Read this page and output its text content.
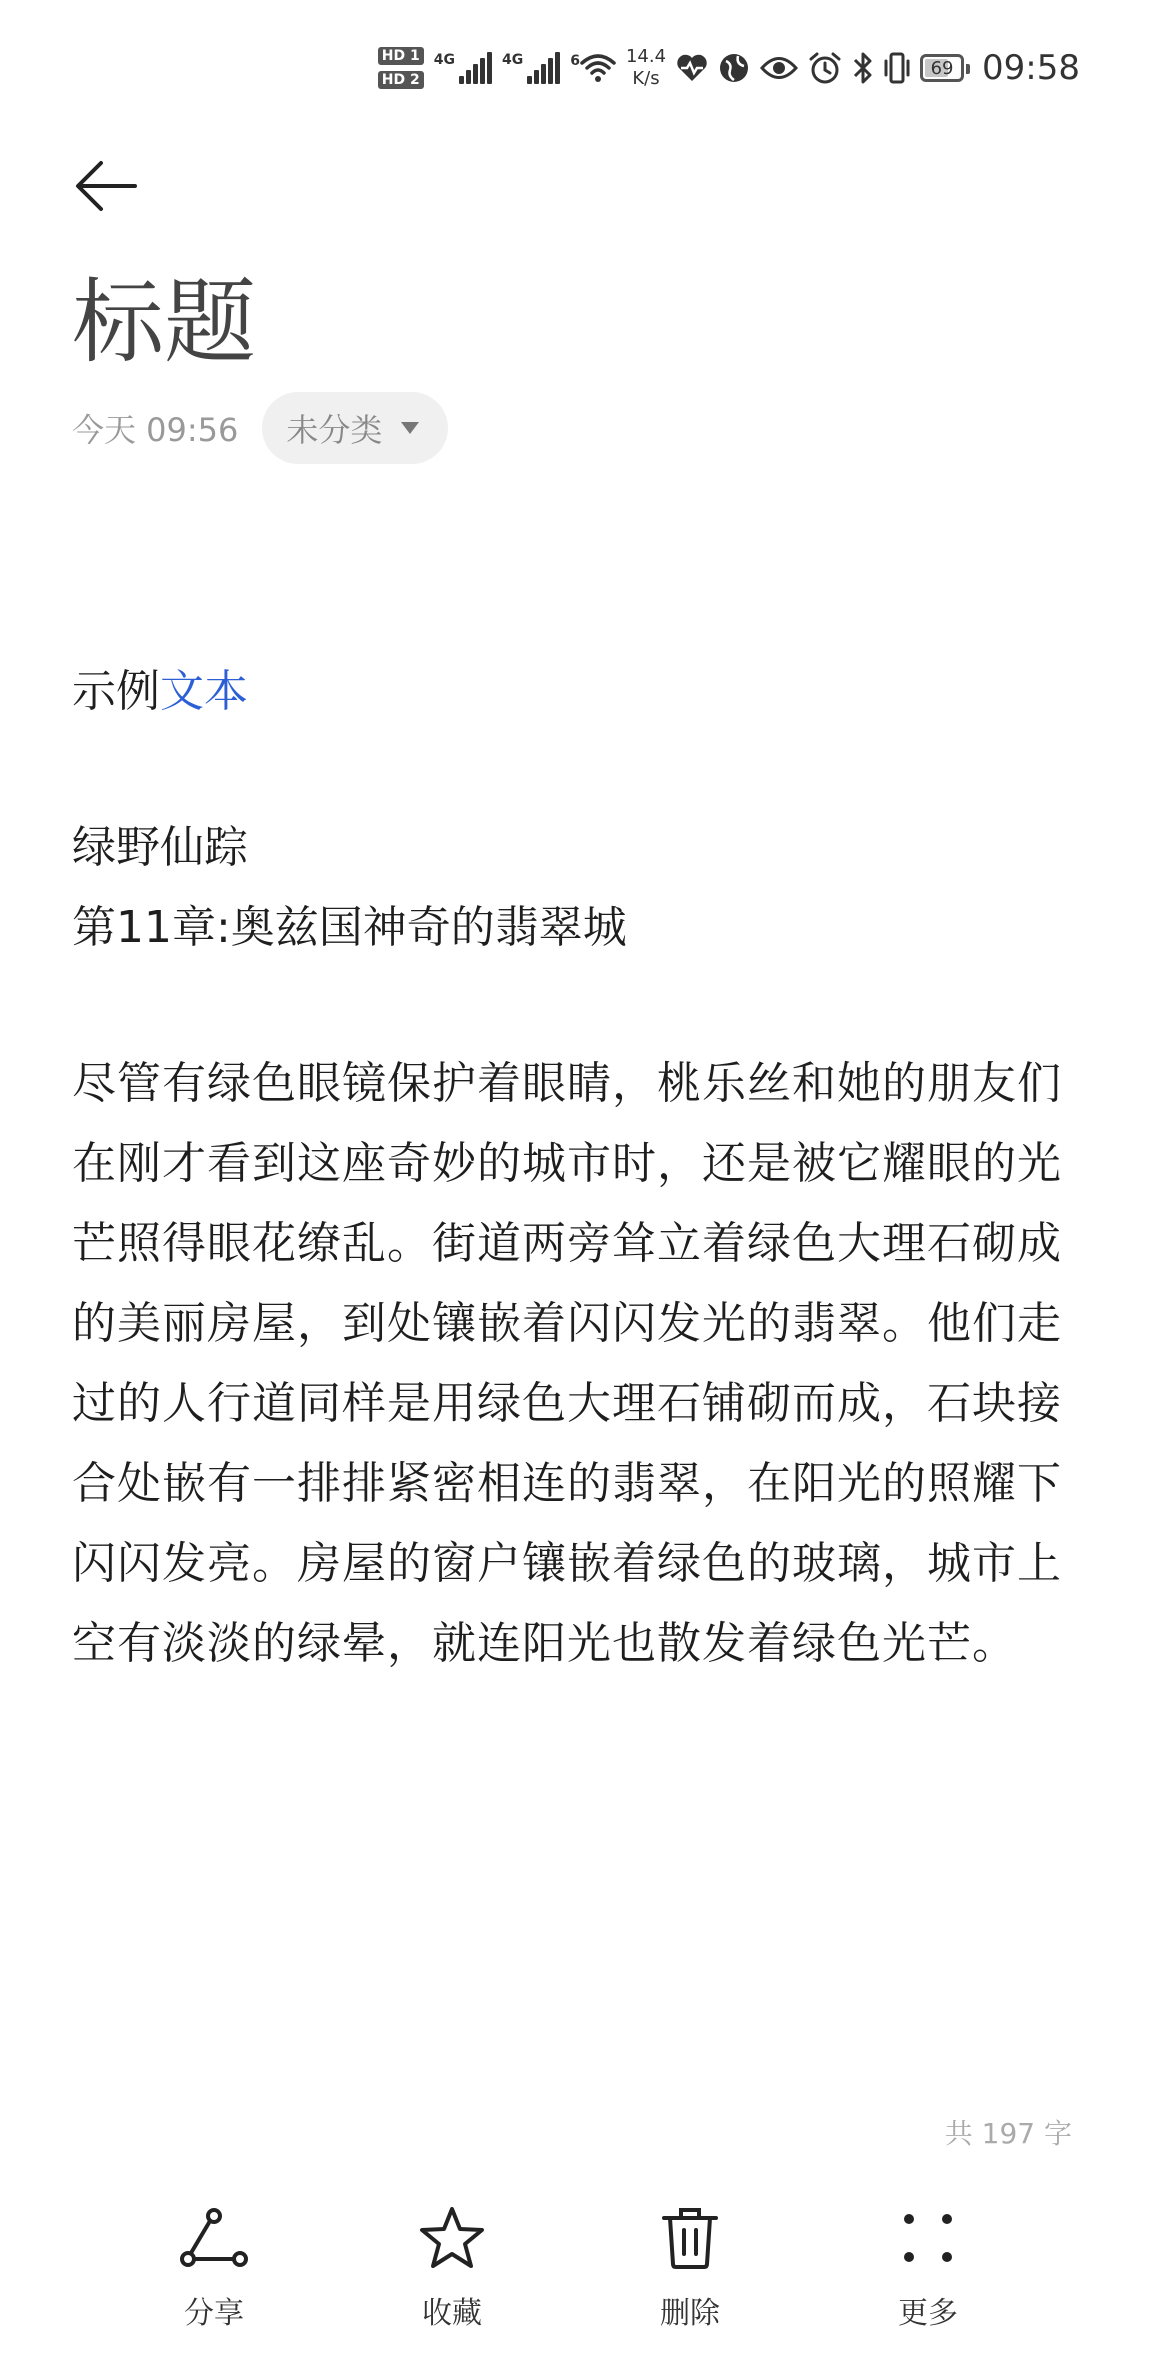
HD 1
HD 2
4G	4G	6	14.4
K/s	69 09:58
标题
今天 09:56 未分类
示例文本
绿野仙踪
第11章:奥兹国神奇的翡翠城
尽管有绿色眼镜保护着眼睛，桃乐丝和她的朋友们在刚才看到这座奇妙的城市时，还是被它耀眼的光芒照得眼花缭乱。街道两旁耸立着绿色大理石砌成的美丽房屋，到处镶嵌着闪闪发光的翡翠。他们走过的人行道同样是用绿色大理石铺砌而成，石块接合处嵌有一排排紧密相连的翡翠，在阳光的照耀下闪闪发亮。房屋的窗户镶嵌着绿色的玻璃，城市上空有淡淡的绿晕，就连阳光也散发着绿色光芒。
共 197 字
分享	收藏	删除	更多
